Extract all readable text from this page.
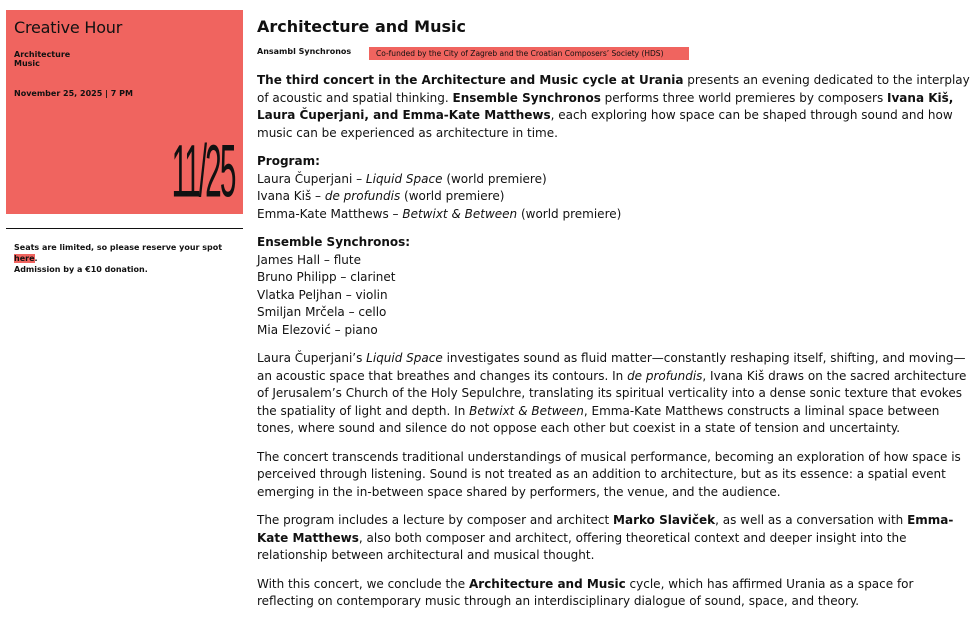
Creative Hour
Architecture
Music
November 25, 2025 | 7 PM
11/25
Seats are limited, so please reserve your spot here.
Admission by a €10 donation.
Architecture and Music
Ansambl Synchronos	Co-funded by the City of Zagreb and the Croatian Composers’ Society (HDS)

The third concert in the Architecture and Music cycle at Urania presents an evening dedicated to the interplay of acoustic and spatial thinking. Ensemble Synchronos performs three world premieres by composers Ivana Kiš, Laura Čuperjani, and Emma-Kate Matthews, each exploring how space can be shaped through sound and how music can be experienced as architecture in time.

Program:
Laura Čuperjani – Liquid Space (world premiere)
Ivana Kiš – de profundis (world premiere)
Emma-Kate Matthews – Betwixt & Between (world premiere)
Ensemble Synchronos:
James Hall – flute
Bruno Philipp – clarinet
Vlatka Peljhan – violin
Smiljan Mrčela – cello
Mia Elezović – piano

Laura Čuperjani’s Liquid Space investigates sound as fluid matter—constantly reshaping itself, shifting, and moving—an acoustic space that breathes and changes its contours. In de profundis, Ivana Kiš draws on the sacred architecture of Jerusalem’s Church of the Holy Sepulchre, translating its spiritual verticality into a dense sonic texture that evokes the spatiality of light and depth. In Betwixt & Between, Emma-Kate Matthews constructs a liminal space between tones, where sound and silence do not oppose each other but coexist in a state of tension and uncertainty.

The concert transcends traditional understandings of musical performance, becoming an exploration of how space is perceived through listening. Sound is not treated as an addition to architecture, but as its essence: a spatial event emerging in the in-between space shared by performers, the venue, and the audience.

The program includes a lecture by composer and architect Marko Slaviček, as well as a conversation with Emma-Kate Matthews, also both composer and architect, offering theoretical context and deeper insight into the relationship between architectural and musical thought.

With this concert, we conclude the Architecture and Music cycle, which has affirmed Urania as a space for reflecting on contemporary music through an interdisciplinary dialogue of sound, space, and theory.
